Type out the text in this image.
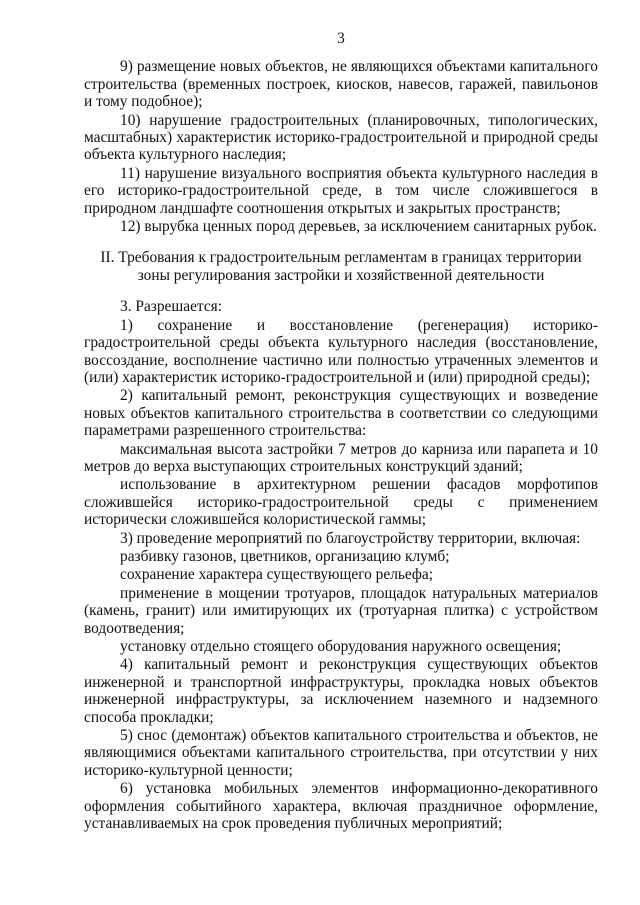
3

9) размещение новых объектов, не являющихся объектами капитального строительства (временных построек, киосков, навесов, гаражей, павильонов и тому подобное);

10) нарушение градостроительных (планировочных, типологических, масштабных) характеристик историко-градостроительной и природной среды объекта культурного наследия;

11) нарушение визуального восприятия объекта культурного наследия в его историко-градостроительной среде, в том числе сложившегося в природном ландшафте соотношения открытых и закрытых пространств;

12) вырубка ценных пород деревьев, за исключением санитарных рубок.

II. Требования к градостроительным регламентам в границах территории зоны регулирования застройки и хозяйственной деятельности

3. Разрешается:

1) сохранение и восстановление (регенерация) историко-градостроительной среды объекта культурного наследия (восстановление, воссоздание, восполнение частично или полностью утраченных элементов и (или) характеристик историко-градостроительной и (или) природной среды);

2) капитальный ремонт, реконструкция существующих и возведение новых объектов капитального строительства в соответствии со следующими параметрами разрешенного строительства:

максимальная высота застройки 7 метров до карниза или парапета и 10 метров до верха выступающих строительных конструкций зданий;

использование в архитектурном решении фасадов морфотипов сложившейся историко-градостроительной среды с применением исторически сложившейся колористической гаммы;

3) проведение мероприятий по благоустройству территории, включая:

разбивку газонов, цветников, организацию клумб;

сохранение характера существующего рельефа;

применение в мощении тротуаров, площадок натуральных материалов (камень, гранит) или имитирующих их (тротуарная плитка) с устройством водоотведения;

установку отдельно стоящего оборудования наружного освещения;

4) капитальный ремонт и реконструкция существующих объектов инженерной и транспортной инфраструктуры, прокладка новых объектов инженерной инфраструктуры, за исключением наземного и надземного способа прокладки;

5) снос (демонтаж) объектов капитального строительства и объектов, не являющимися объектами капитального строительства, при отсутствии у них историко-культурной ценности;

6) установка мобильных элементов информационно-декоративного оформления событийного характера, включая праздничное оформление, устанавливаемых на срок проведения публичных мероприятий;
